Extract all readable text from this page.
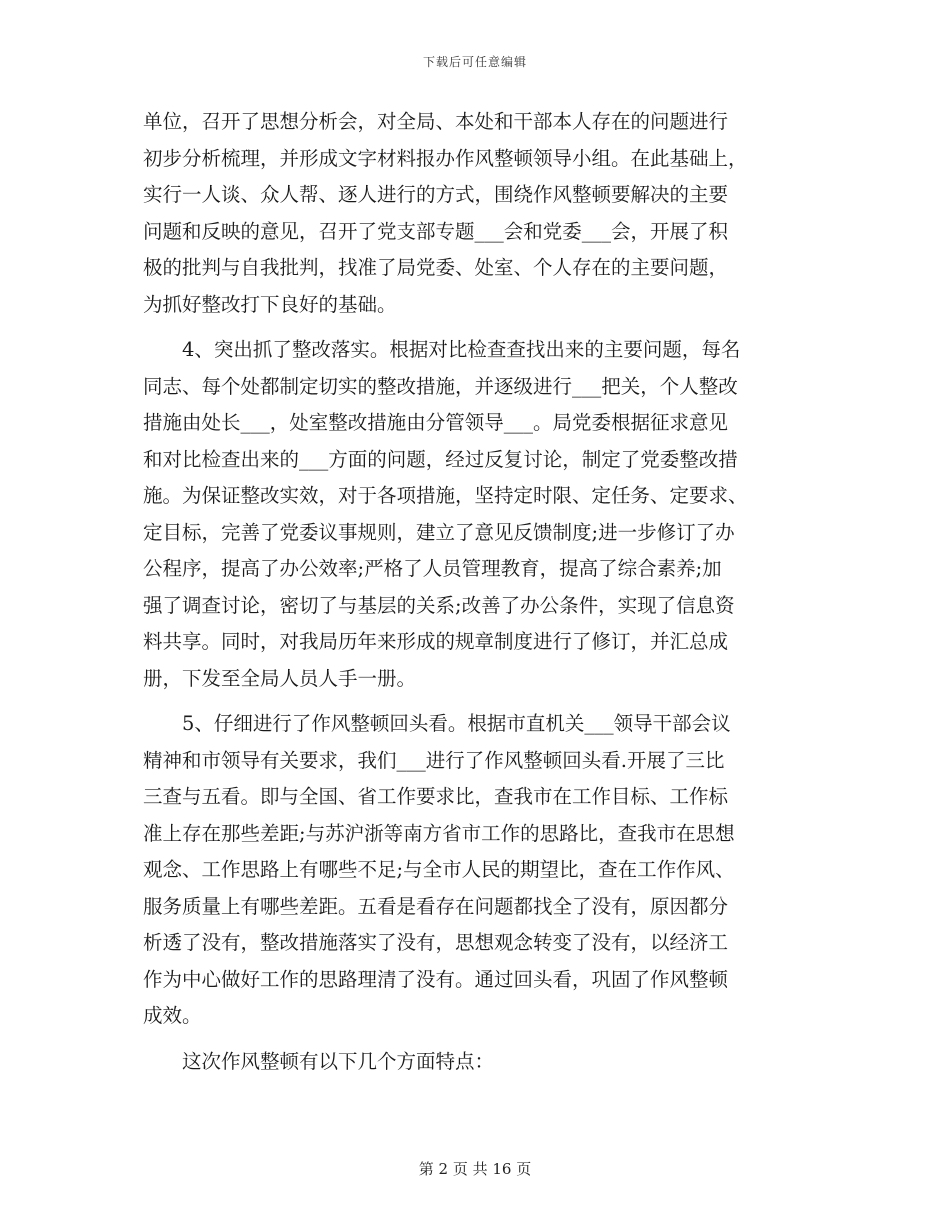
下载后可任意编辑
单位，召开了思想分析会，对全局、本处和干部本人存在的问题进行
初步分析梳理，并形成文字材料报办作风整顿领导小组。在此基础上，
实行一人谈、众人帮、逐人进行的方式，围绕作风整顿要解决的主要
问题和反映的意见，召开了党支部专题___会和党委___会，开展了积
极的批判与自我批判，找准了局党委、处室、个人存在的主要问题，
为抓好整改打下良好的基础。
　　4、突出抓了整改落实。根据对比检查查找出来的主要问题，每名
同志、每个处都制定切实的整改措施，并逐级进行___把关，个人整改
措施由处长___，处室整改措施由分管领导___。局党委根据征求意见
和对比检查出来的___方面的问题，经过反复讨论，制定了党委整改措
施。为保证整改实效，对于各项措施，坚持定时限、定任务、定要求、
定目标，完善了党委议事规则，建立了意见反馈制度;进一步修订了办
公程序，提高了办公效率;严格了人员管理教育，提高了综合素养;加
强了调查讨论，密切了与基层的关系;改善了办公条件，实现了信息资
料共享。同时，对我局历年来形成的规章制度进行了修订，并汇总成
册，下发至全局人员人手一册。
　　5、仔细进行了作风整顿回头看。根据市直机关___领导干部会议
精神和市领导有关要求，我们___进行了作风整顿回头看.开展了三比
三查与五看。即与全国、省工作要求比，查我市在工作目标、工作标
准上存在那些差距;与苏沪浙等南方省市工作的思路比，查我市在思想
观念、工作思路上有哪些不足;与全市人民的期望比，查在工作作风、
服务质量上有哪些差距。五看是看存在问题都找全了没有，原因都分
析透了没有，整改措施落实了没有，思想观念转变了没有，以经济工
作为中心做好工作的思路理清了没有。通过回头看，巩固了作风整顿
成效。
　　这次作风整顿有以下几个方面特点：
第 2 页 共 16 页
